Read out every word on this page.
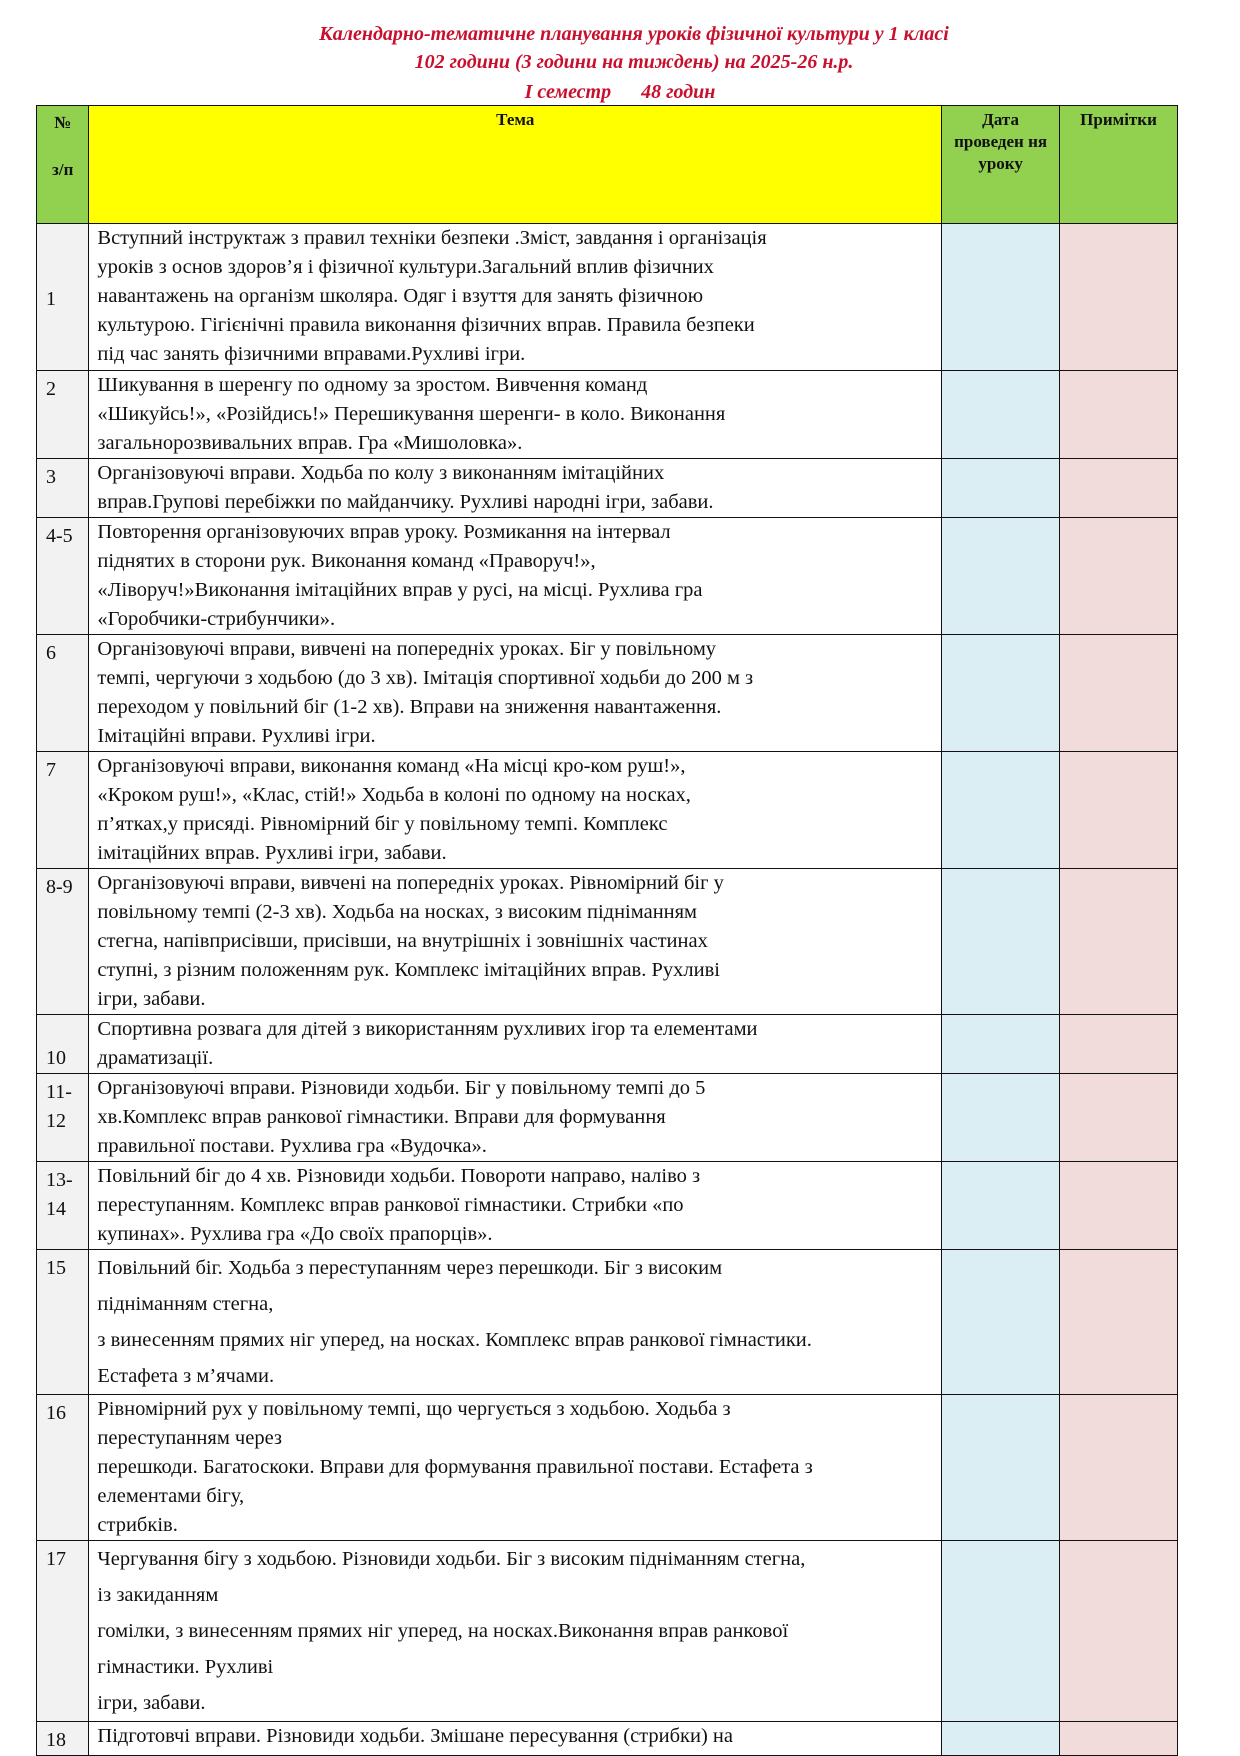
Календарно-тематичне планування уроків фізичної культури у 1 класі
102 години (3 години на тиждень) на 2025-26 н.р.
І семестр 48 годин
№

з/п	Тема	Дата проведен ня уроку	Примітки

1	Вступний інструктаж з правил техніки безпеки .Зміст, завдання і організація
уроків з основ здоров’я і фізичної культури.Загальний вплив фізичних
навантажень на організм школяра. Одяг і взуття для занять фізичною
культурою. Гігієнічні правила виконання фізичних вправ. Правила безпеки
під час занять фізичними вправами.Рухливі ігри.		

2	Шикування в шеренгу по одному за зростом. Вивчення команд
«Шикуйсь!», «Розійдись!» Перешикування шеренги- в коло. Виконання
загальнорозвивальних вправ. Гра «Мишоловка».		

3	Організовуючі вправи. Ходьба по колу з виконанням імітаційних
вправ.Групові перебіжки по майданчику. Рухливі народні ігри, забави.		

4-5	Повторення організовуючих вправ уроку. Розмикання на інтервал
піднятих в сторони рук. Виконання команд «Праворуч!»,
«Ліворуч!»Виконання імітаційних вправ у русі, на місці. Рухлива гра
«Горобчики-стрибунчики».		

6	Організовуючі вправи, вивчені на попередніх уроках. Біг у повільному
темпі, чергуючи з ходьбою (до 3 хв). Імітація спортивної ходьби до 200 м з
переходом у повільний біг (1-2 хв). Вправи на зниження навантаження.
Імітаційні вправи. Рухливі ігри.		

7	Організовуючі вправи, виконання команд «На місці кро-ком руш!»,
«Кроком руш!», «Клас, стій!» Ходьба в колоні по одному на носках,
п’ятках,у присяді. Рівномірний біг у повільному темпі. Комплекс
імітаційних вправ. Рухливі ігри, забави.		

8-9	Організовуючі вправи, вивчені на попередніх уроках. Рівномірний біг у
повільному темпі (2-3 хв). Ходьба на носках, з високим підніманням
стегна, напівприсівши, присівши, на внутрішніх і зовнішніх частинах
ступні, з різним положенням рук. Комплекс імітаційних вправ. Рухливі
ігри, забави.		

10	Спортивна розвага для дітей з використанням рухливих ігор та елементами
драматизації.		

11-12	Організовуючі вправи. Різновиди ходьби. Біг у повільному темпі до 5
хв.Комплекс вправ ранкової гімнастики. Вправи для формування
правильної постави. Рухлива гра «Вудочка».		

13-14	Повільний біг до 4 хв. Різновиди ходьби. Повороти направо, наліво з
переступанням. Комплекс вправ ранкової гімнастики. Стрибки «по
купинах». Рухлива гра «До своїх прапорців».		

15	Повільний біг. Ходьба з переступанням через перешкоди. Біг з високим
підніманням стегна,
з винесенням прямих ніг уперед, на носках. Комплекс вправ ранкової гімнастики.
Естафета з м’ячами.		

16	Рівномірний рух у повільному темпі, що чергується з ходьбою. Ходьба з
переступанням через
перешкоди. Багатоскоки. Вправи для формування правильної постави. Естафета з
елементами бігу,
стрибків.		

17	Чергування бігу з ходьбою. Різновиди ходьби. Біг з високим підніманням стегна,
із закиданням
гомілки, з винесенням прямих ніг уперед, на носках.Виконання вправ ранкової
гімнастики. Рухливі
ігри, забави.		

18	Підготовчі вправи. Різновиди ходьби. Змішане пересування (стрибки) на		
